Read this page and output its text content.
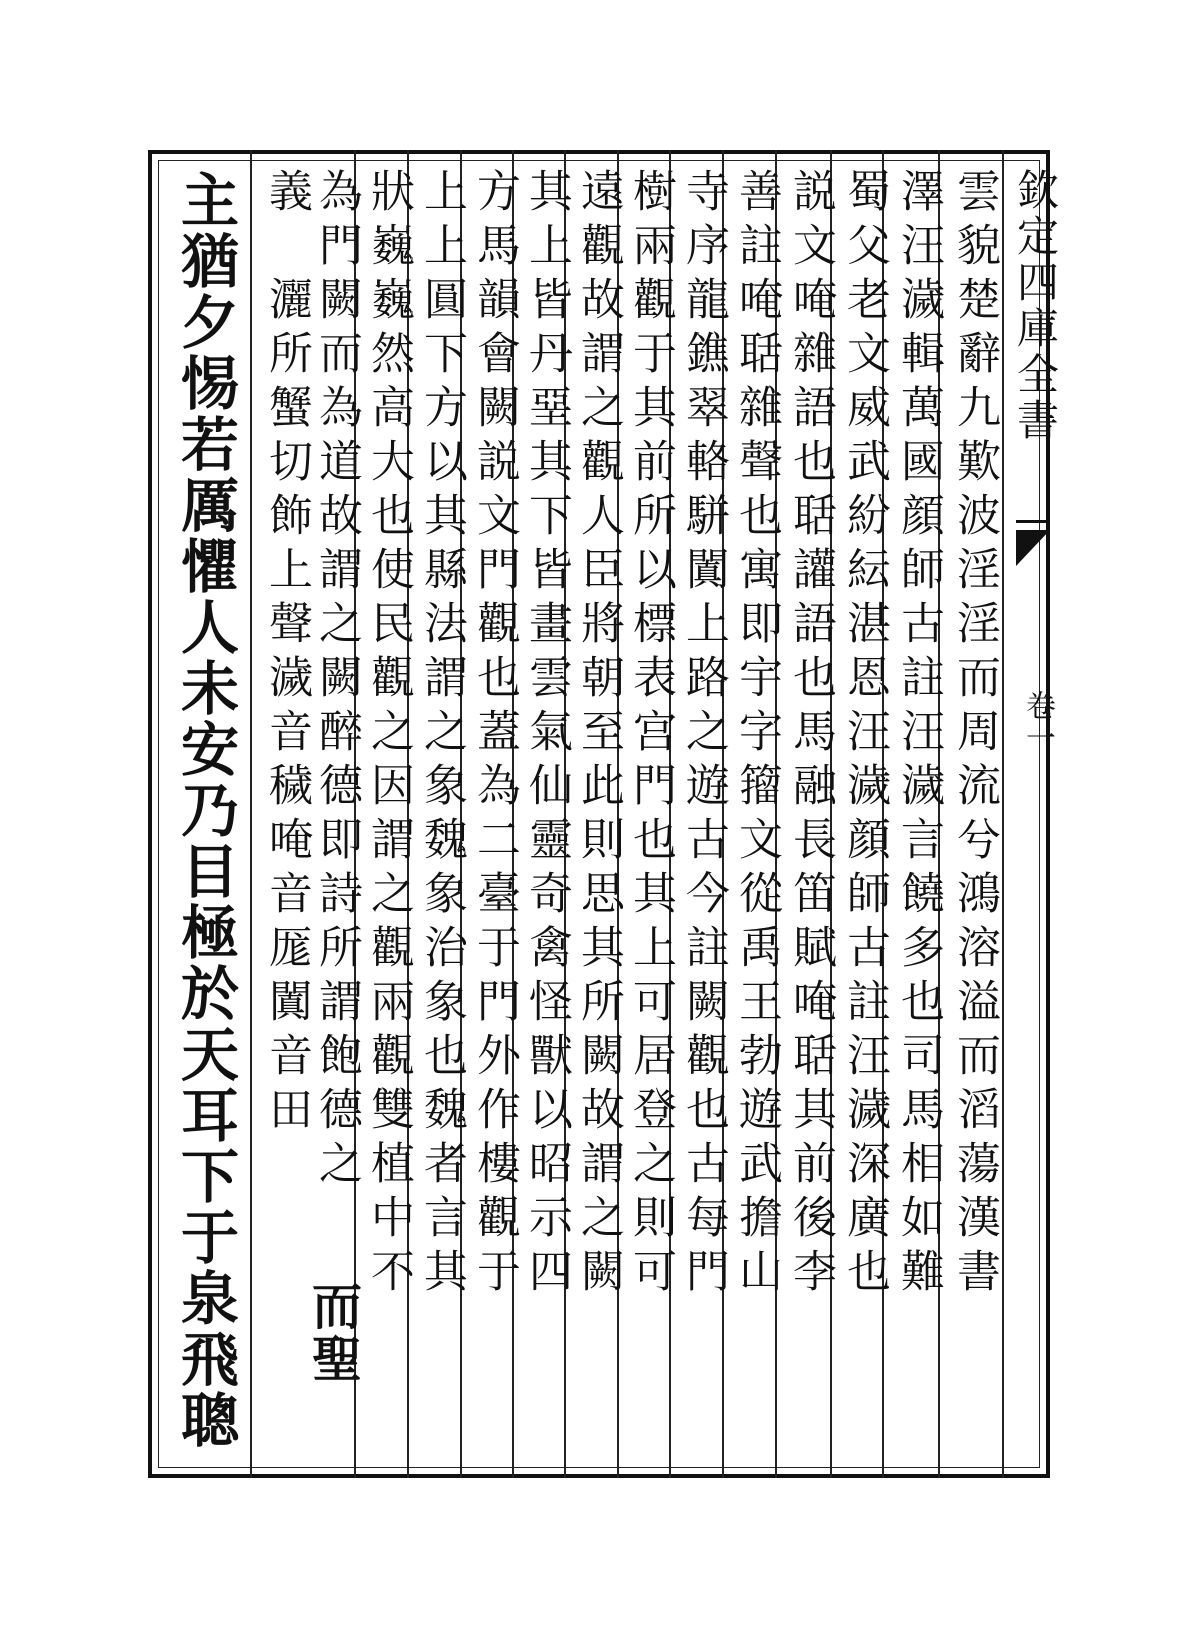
欽定四庫全書
卷一
雲貌楚辭九歎波淫淫而周流兮鴻溶溢而滔蕩漢書
澤汪濊輯萬國顔師古註汪濊言饒多也司馬相如難
蜀父老文威武紛紜湛恩汪濊顔師古註汪濊深廣也
説文唵雜語也聒讙語也馬融長笛賦唵聒其前後李
善註唵聒雜聲也寓即宇字籀文從禹王勃遊武擔山
寺序龍鐎翠輅駢闐上路之遊古今註闕觀也古每門
樹兩觀于其前所以標表宫門也其上可居登之則可
遠觀故謂之觀人臣將朝至此則思其所闕故謂之闕
其上皆丹堊其下皆畫雲氣仙靈奇禽怪獸以昭示四
方馬韻會闕説文門觀也蓋為二臺于門外作樓觀于
上上圓下方以其縣法謂之象魏象治象也魏者言其
狀巍巍然高大也使民觀之因謂之觀兩觀雙植中不
為門闕而為道故謂之闕醉德即詩所謂飽德之
義　灑所蟹切飾上聲濊音穢唵音厖闐音田
而聖
主猶夕惕若厲懼人未安乃目極於天耳下于泉飛聰
